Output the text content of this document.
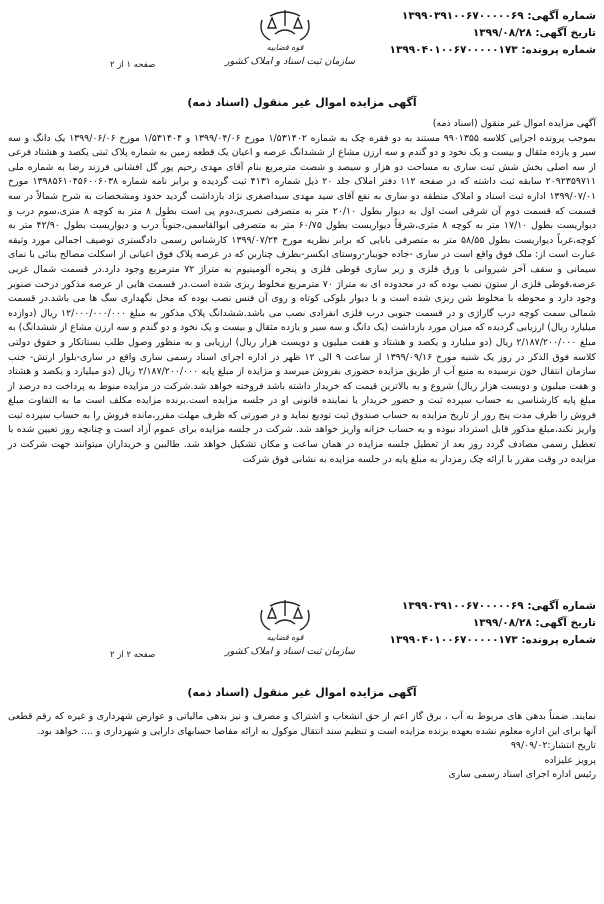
شماره آگهی: ۱۳۹۹۰۳۹۱۰۰۶۷۰۰۰۰۰۶۹
تاریخ آگهی: ۱۳۹۹/۰۸/۲۸
شماره پرونده: ۱۳۹۹۰۴۰۱۰۰۶۷۰۰۰۰۰۱۷۳
قوه قضاییه
سازمان ثبت اسناد و املاک کشور
صفحه ۱ از ۲
آگهی مزایده اموال غیر منقول (اسناد ذمه)

آگهی مزایده اموال غیر منقول (اسناد ذمه)

بموجب پرونده اجرایی کلاسه ۹۹۰۱۳۵۵ مستند به دو فقره چک به شماره ۱/۵۳۱۴۰۲ مورخ ۱۳۹۹/۰۴/۰۶ و ۱/۵۳۱۴۰۴ مورخ ۱۳۹۹/۰۶/۰۶ یک دانگ و سه سیر و یازده مثقال و بیست و یک نخود و دو گندم و سه ارزن مشاع از ششدانگ عرصه و اعیان یک قطعه زمین به شماره پلاک ثبتی یکصد و هشتاد فرعی از سه اصلی بخش شش ثبت ساری به مساحت دو هزار و سیصد و شصت مترمربع بنام آقای مهدی رحیم پور گل افشانی فرزند رضا به شماره ملی ۲۰۹۲۳۵۹۷۱۱ سابقه ثبت داشته که در صفحه ۱۱۲ دفتر املاک جلد ۲۰ ذیل شماره ۴۱۳۱ ثبت گردیده و برابر نامه شماره ۱۳۹۸۵۶۱۰۴۵۶۰۰۶۰۳۸ مورخ ۱۳۹۹/۰۷/۰۱ اداره ثبت اسناد و املاک منطقه دو ساری به نفع آقای سید مهدی سیداصغری نژاد بازداشت گردید حدود ومشخصات به شرح شمالاً در سه قسمت که قسمت دوم آن شرقی است اول به دیوار بطول ۲۰/۱۰ متر به متصرفی نصیری،دوم پی است بطول ۸ متر به کوچه ۸ متری،سوم درب و دیواریست بطول ۱۷/۱۰ متر به کوچه ۸ متری،شرقاً دیواریست بطول ۶۰/۷۵ متر به متصرفی ابوالقاسمی،جنوباً درب و دیواریست بطول ۴۲/۹۰ متر به کوچه،غرباً دیواریست بطول ۵۸/۵۵ متر به متصرفی بابایی که برابر نظریه مورخ ۱۳۹۹/۰۷/۲۴ کارشناس رسمی دادگستری توصیف اجمالی مورد وثیقه عبارت است از: ملک فوق واقع است در ساری -جاده جویبار-روستای ابکسر-بطرف چناربن که در عرصه پلاک فوق اعیانی از اسکلت مصالح بنائی با نمای سیمانی و سقف آخر شیروانی با ورق فلزی و زیر سازی قوطی فلزی و پنجره آلومینیوم به متراژ ۷۲ مترمربع وجود دارد.در قسمت شمال غربی عرصه،قوطی فلزی از ستون نصب بوده که در محدوده ای به متراژ ۷۰ مترمربع مخلوط ریزی شده است.در قسمت هایی از عرصه مذکور درخت صنوبر وجود دارد و محوطه با مخلوط شن ریزی شده است و با دیوار بلوکی کوتاه و روی آن فنس نصب بوده که محل نگهداری سگ ها می باشد.در قسمت شمالی سمت کوچه درب گاراژی و در قسمت جنوبی درب فلزی انفرادی نصب می باشد.ششدانگ پلاک مذکور به مبلغ ۱۲/۰۰۰/۰۰۰/۰۰۰ ریال (دوازده میلیارد ریال) ارزیابی گردیده که میزان مورد بازداشت (یک دانگ و سه سیر و یازده مثقال و بیست و یک نخود و دو گندم و سه ارزن مشاع از ششدانگ) به مبلغ ۲/۱۸۷/۲۰۰/۰۰۰ ریال (دو میلیارد و یکصد و هشتاد و هفت میلیون و دویست هزار ریال) ارزیابی و به منظور وصول طلب بستانکار و حقوق دولتی کلاسه فوق الذکر در روز یک شنبه مورخ ۱۳۹۹/۰۹/۱۶ از ساعت ۹ الی ۱۲ ظهر در اداره اجرای اسناد رسمی ساری واقع در ساری-بلوار ارتش- جنب سازمان انتقال خون نرسیده به منبع آب از طریق مزایده حضوری بفروش میرسد و مزایده از مبلغ پایه ۲/۱۸۷/۲۰۰/۰۰۰ ریال (دو میلیارد و یکصد و هشتاد و هفت میلیون و دویست هزار ریال) شروع و به بالاترین قیمت که خریدار داشته باشد فروخته خواهد شد.شرکت در مزایده منوط به پرداخت ده درصد از مبلغ پایه کارشناسی به حساب سپرده ثبت و حضور خریدار یا نماینده قانونی او در جلسه مزایده است.برنده مزایده مکلف است ما به التفاوت مبلغ فروش را ظرف مدت پنج روز از تاریخ مزایده به حساب صندوق ثبت تودیع نماید و در صورتی که ظرف مهلت مقرر،مانده فروش را به حساب سپرده ثبت واریز نکند،مبلغ مذکور قابل استرداد نبوده و به حساب خزانه واریز خواهد شد. شرکت در جلسه مزایده برای عموم آزاد است و چنانچه روز تعیین شده با تعطیل رسمی مصادف گردد روز بعد از تعطیل جلسه مزایده در همان ساعت و مکان تشکیل خواهد شد. طالبین و خریداران میتوانند جهت شرکت در مزایده در وقت مقرر با ارائه چک رمزدار به مبلغ پایه در جلسه مزایده به نشانی فوق شرکت

شماره آگهی: ۱۳۹۹۰۳۹۱۰۰۶۷۰۰۰۰۰۶۹
تاریخ آگهی: ۱۳۹۹/۰۸/۲۸
شماره پرونده: ۱۳۹۹۰۴۰۱۰۰۶۷۰۰۰۰۰۱۷۳
قوه قضاییه
سازمان ثبت اسناد و املاک کشور
صفحه ۲ از ۲
آگهی مزایده اموال غیر منقول (اسناد ذمه)

نمایند. ضمناً بدهی های مربوط به آب ، برق گاز اعم از حق انشعاب و اشتراک و مصرف و نیز بدهی مالیاتی و عوارض شهرداری و غیره که رقم قطعی آنها برای این اداره معلوم نشده بعهده برنده مزایده است و تنظیم سند انتقال موکول به ارائه مفاصا حسابهای دارایی و شهرداری و .... خواهد بود.

تاریخ انتشار:۹۹/۰۹/۰۲
پرویز علیزاده
رئیس اداره اجرای اسناد رسمی ساری
